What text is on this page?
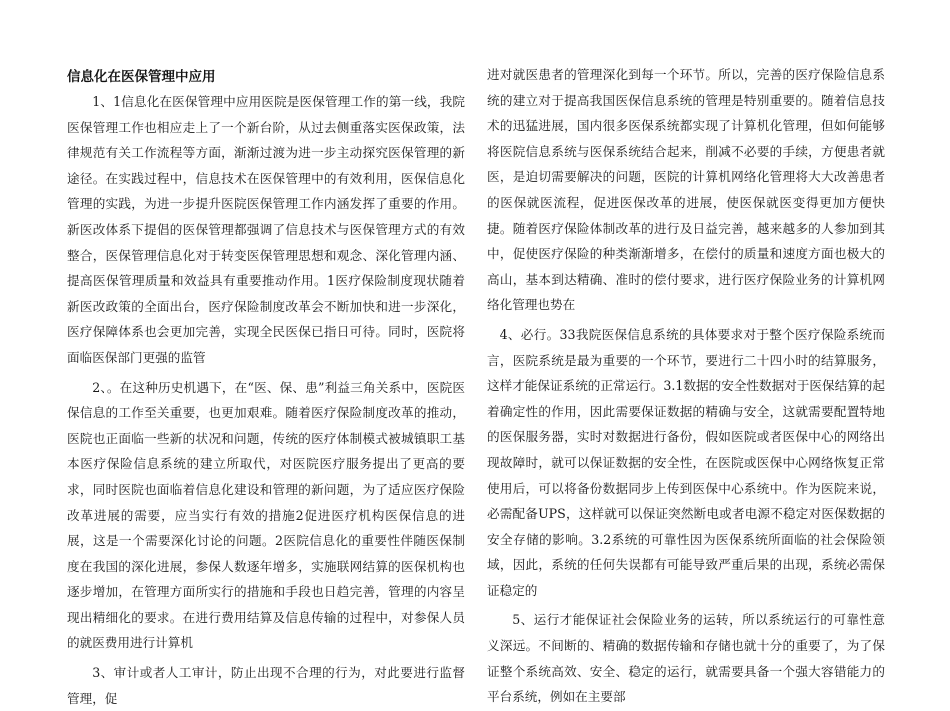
信息化在医保管理中应用

1、1信息化在医保管理中应用医院是医保管理工作的第一线，我院医保管理工作也相应走上了一个新台阶，从过去侧重落实医保政策，法律规范有关工作流程等方面，渐渐过渡为进一步主动探究医保管理的新途径。在实践过程中，信息技术在医保管理中的有效利用，医保信息化管理的实践，为进一步提升医院医保管理工作内涵发挥了重要的作用。新医改体系下提倡的医保管理都强调了信息技术与医保管理方式的有效整合，医保管理信息化对于转变医保管理思想和观念、深化管理内涵、提高医保管理质量和效益具有重要推动作用。1医疗保险制度现状随着新医改政策的全面出台，医疗保险制度改革会不断加快和进一步深化，医疗保障体系也会更加完善，实现全民医保已指日可待。同时，医院将面临医保部门更强的监管

2、。在这种历史机遇下，在“医、保、患”利益三角关系中，医院医保信息的工作至关重要，也更加艰难。随着医疗保险制度改革的推动，医院也正面临一些新的状况和问题，传统的医疗体制模式被城镇职工基本医疗保险信息系统的建立所取代，对医院医疗服务提出了更高的要求，同时医院也面临着信息化建设和管理的新问题，为了适应医疗保险改革进展的需要，应当实行有效的措施2促进医疗机构医保信息的进展，这是一个需要深化讨论的问题。2医院信息化的重要性伴随医保制度在我国的深化进展，参保人数逐年增多，实施联网结算的医保机构也逐步增加，在管理方面所实行的措施和手段也日趋完善，管理的内容呈现出精细化的要求。在进行费用结算及信息传输的过程中，对参保人员的就医费用进行计算机

3、审计或者人工审计，防止出现不合理的行为，对此要进行监督管理，促

进对就医患者的管理深化到每一个环节。所以，完善的医疗保险信息系统的建立对于提高我国医保信息系统的管理是特别重要的。随着信息技术的迅猛进展，国内很多医保系统都实现了计算机化管理，但如何能够将医院信息系统与医保系统结合起来，削减不必要的手续，方便患者就医，是迫切需要解决的问题，医院的计算机网络化管理将大大改善患者的医保就医流程，促进医保改革的进展，使医保就医变得更加方便快捷。随着医疗保险体制改革的进行及日益完善，越来越多的人参加到其中，促使医疗保险的种类渐渐增多，在偿付的质量和速度方面也极大的高山，基本到达精确、准时的偿付要求，进行医疗保险业务的计算机网络化管理也势在

4、必行。33我院医保信息系统的具体要求对于整个医疗保险系统而言，医院系统是最为重要的一个环节，要进行二十四小时的结算服务，这样才能保证系统的正常运行。3.1数据的安全性数据对于医保结算的起着确定性的作用，因此需要保证数据的精确与安全，这就需要配置特地的医保服务器，实时对数据进行备份，假如医院或者医保中心的网络出现故障时，就可以保证数据的安全性，在医院或医保中心网络恢复正常使用后，可以将备份数据同步上传到医保中心系统中。作为医院来说，必需配备UPS，这样就可以保证突然断电或者电源不稳定对医保数据的安全存储的影响。3.2系统的可靠性因为医保系统所面临的社会保险领域，因此，系统的任何失误都有可能导致严重后果的出现，系统必需保证稳定的

5、运行才能保证社会保险业务的运转，所以系统运行的可靠性意义深远。不间断的、精确的数据传输和存储也就十分的重要了，为了保证整个系统高效、安全、稳定的运行，就需要具备一个强大容错能力的平台系统，例如在主要部
